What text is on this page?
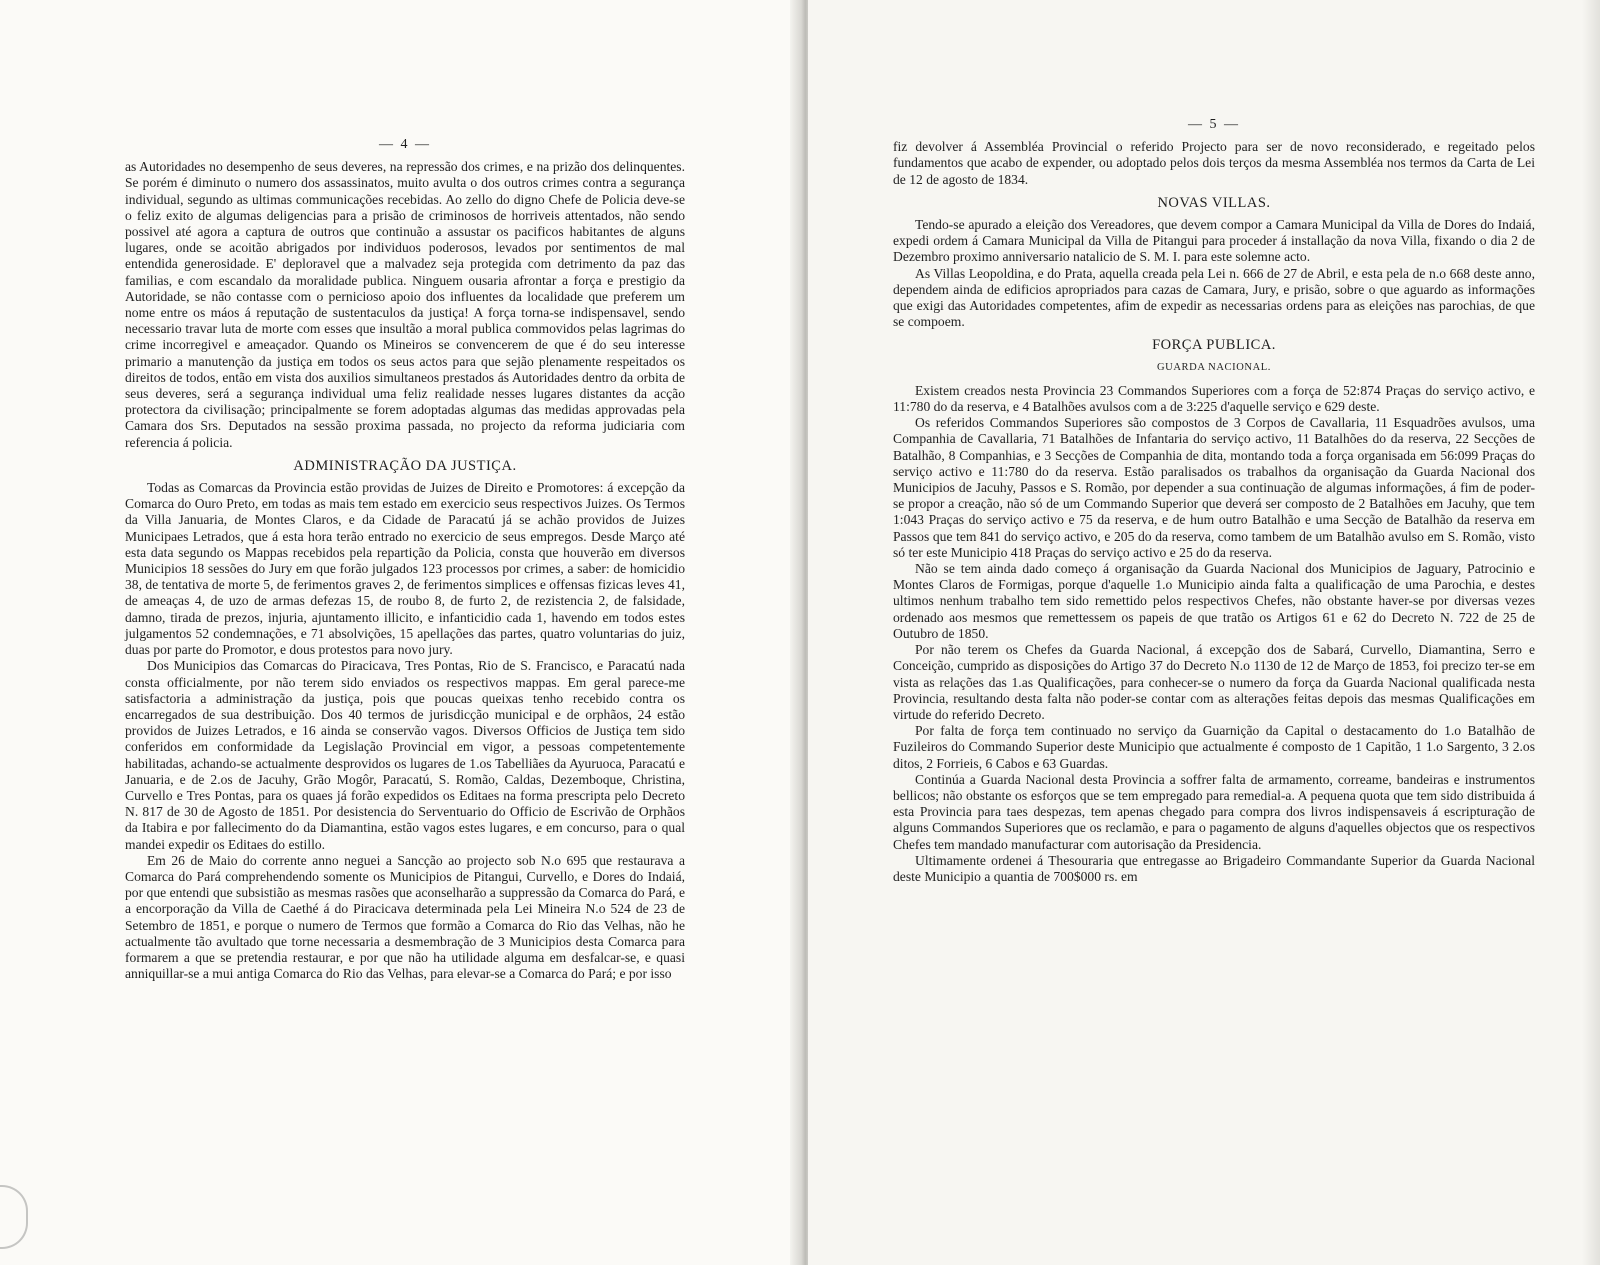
— 4 —

as Autoridades no desempenho de seus deveres, na repressão dos crimes, e na prizão dos delinquentes. Se porém é diminuto o numero dos assassinatos, muito avulta o dos outros crimes contra a segurança individual, segundo as ultimas communicações recebidas. Ao zello do digno Chefe de Policia deve-se o feliz exito de algumas deligencias para a prisão de criminosos de horriveis attentados, não sendo possivel até agora a captura de outros que continuão a assustar os pacificos habitantes de alguns lugares, onde se acoitão abrigados por individuos poderosos, levados por sentimentos de mal entendida generosidade. E' deploravel que a malvadez seja protegida com detrimento da paz das familias, e com escandalo da moralidade publica. Ninguem ousaria afrontar a força e prestigio da Autoridade, se não contasse com o pernicioso apoio dos influentes da localidade que preferem um nome entre os máos á reputação de sustentaculos da justiça! A força torna-se indispensavel, sendo necessario travar luta de morte com esses que insultão a moral publica commovidos pelas lagrimas do crime incorregivel e ameaçador. Quando os Mineiros se convencerem de que é do seu interesse primario a manutenção da justiça em todos os seus actos para que sejão plenamente respeitados os direitos de todos, então em vista dos auxilios simultaneos prestados ás Autoridades dentro da orbita de seus deveres, será a segurança individual uma feliz realidade nesses lugares distantes da acção protectora da civilisação; principalmente se forem adoptadas algumas das medidas approvadas pela Camara dos Srs. Deputados na sessão proxima passada, no projecto da reforma judiciaria com referencia á policia.

ADMINISTRAÇÃO DA JUSTIÇA.

Todas as Comarcas da Provincia estão providas de Juizes de Direito e Promotores: á excepção da Comarca do Ouro Preto, em todas as mais tem estado em exercicio seus respectivos Juizes. Os Termos da Villa Januaria, de Montes Claros, e da Cidade de Paracatú já se achão providos de Juizes Municipaes Letrados, que á esta hora terão entrado no exercicio de seus empregos. Desde Março até esta data segundo os Mappas recebidos pela repartição da Policia, consta que houverão em diversos Municipios 18 sessões do Jury em que forão julgados 123 processos por crimes, a saber: de homicidio 38, de tentativa de morte 5, de ferimentos graves 2, de ferimentos simplices e offensas fizicas leves 41, de ameaças 4, de uzo de armas defezas 15, de roubo 8, de furto 2, de rezistencia 2, de falsidade, damno, tirada de prezos, injuria, ajuntamento illicito, e infanticidio cada 1, havendo em todos estes julgamentos 52 condemnações, e 71 absolvições, 15 apellações das partes, quatro voluntarias do juiz, duas por parte do Promotor, e dous protestos para novo jury.

Dos Municipios das Comarcas do Piracicava, Tres Pontas, Rio de S. Francisco, e Paracatú nada consta officialmente, por não terem sido enviados os respectivos mappas. Em geral parece-me satisfactoria a administração da justiça, pois que poucas queixas tenho recebido contra os encarregados de sua destribuição. Dos 40 termos de jurisdicção municipal e de orphãos, 24 estão providos de Juizes Letrados, e 16 ainda se conservão vagos. Diversos Officios de Justiça tem sido conferidos em conformidade da Legislação Provincial em vigor, a pessoas competentemente habilitadas, achando-se actualmente desprovidos os lugares de 1.os Tabelliães da Ayuruoca, Paracatú e Januaria, e de 2.os de Jacuhy, Grão Mogôr, Paracatú, S. Romão, Caldas, Dezemboque, Christina, Curvello e Tres Pontas, para os quaes já forão expedidos os Editaes na forma prescripta pelo Decreto N. 817 de 30 de Agosto de 1851. Por desistencia do Serventuario do Officio de Escrivão de Orphãos da Itabira e por fallecimento do da Diamantina, estão vagos estes lugares, e em concurso, para o qual mandei expedir os Editaes do estillo.

Em 26 de Maio do corrente anno neguei a Sancção ao projecto sob N.o 695 que restaurava a Comarca do Pará comprehendendo somente os Municipios de Pitangui, Curvello, e Dores do Indaiá, por que entendi que subsistião as mesmas rasões que aconselharão a suppressão da Comarca do Pará, e a encorporação da Villa de Caethé á do Piracicava determinada pela Lei Mineira N.o 524 de 23 de Setembro de 1851, e porque o numero de Termos que formão a Comarca do Rio das Velhas, não he actualmente tão avultado que torne necessaria a desmembração de 3 Municipios desta Comarca para formarem a que se pretendia restaurar, e por que não ha utilidade alguma em desfalcar-se, e quasi anniquillar-se a mui antiga Comarca do Rio das Velhas, para elevar-se a Comarca do Pará; e por isso

— 5 —

fiz devolver á Assembléa Provincial o referido Projecto para ser de novo reconsiderado, e regeitado pelos fundamentos que acabo de expender, ou adoptado pelos dois terços da mesma Assembléa nos termos da Carta de Lei de 12 de agosto de 1834.

NOVAS VILLAS.

Tendo-se apurado a eleição dos Vereadores, que devem compor a Camara Municipal da Villa de Dores do Indaiá, expedi ordem á Camara Municipal da Villa de Pitangui para proceder á installação da nova Villa, fixando o dia 2 de Dezembro proximo anniversario natalicio de S. M. I. para este solemne acto.

As Villas Leopoldina, e do Prata, aquella creada pela Lei n. 666 de 27 de Abril, e esta pela de n.o 668 deste anno, dependem ainda de edificios apropriados para cazas de Camara, Jury, e prisão, sobre o que aguardo as informações que exigi das Autoridades competentes, afim de expedir as necessarias ordens para as eleições nas parochias, de que se compoem.

FORÇA PUBLICA.
GUARDA NACIONAL.

Existem creados nesta Provincia 23 Commandos Superiores com a força de 52:874 Praças do serviço activo, e 11:780 do da reserva, e 4 Batalhões avulsos com a de 3:225 d'aquelle serviço e 629 deste.

Os referidos Commandos Superiores são compostos de 3 Corpos de Cavallaria, 11 Esquadrões avulsos, uma Companhia de Cavallaria, 71 Batalhões de Infantaria do serviço activo, 11 Batalhões do da reserva, 22 Secções de Batalhão, 8 Companhias, e 3 Secções de Companhia de dita, montando toda a força organisada em 56:099 Praças do serviço activo e 11:780 do da reserva. Estão paralisados os trabalhos da organisação da Guarda Nacional dos Municipios de Jacuhy, Passos e S. Romão, por depender a sua continuação de algumas informações, á fim de poder-se propor a creação, não só de um Commando Superior que deverá ser composto de 2 Batalhões em Jacuhy, que tem 1:043 Praças do serviço activo e 75 da reserva, e de hum outro Batalhão e uma Secção de Batalhão da reserva em Passos que tem 841 do serviço activo, e 205 do da reserva, como tambem de um Batalhão avulso em S. Romão, visto só ter este Municipio 418 Praças do serviço activo e 25 do da reserva.

Não se tem ainda dado começo á organisação da Guarda Nacional dos Municipios de Jaguary, Patrocinio e Montes Claros de Formigas, porque d'aquelle 1.o Municipio ainda falta a qualificação de uma Parochia, e destes ultimos nenhum trabalho tem sido remettido pelos respectivos Chefes, não obstante haver-se por diversas vezes ordenado aos mesmos que remettessem os papeis de que tratão os Artigos 61 e 62 do Decreto N. 722 de 25 de Outubro de 1850.

Por não terem os Chefes da Guarda Nacional, á excepção dos de Sabará, Curvello, Diamantina, Serro e Conceição, cumprido as disposições do Artigo 37 do Decreto N.o 1130 de 12 de Março de 1853, foi precizo ter-se em vista as relações das 1.as Qualificações, para conhecer-se o numero da força da Guarda Nacional qualificada nesta Provincia, resultando desta falta não poder-se contar com as alterações feitas depois das mesmas Qualificações em virtude do referido Decreto.

Por falta de força tem continuado no serviço da Guarnição da Capital o destacamento do 1.o Batalhão de Fuzileiros do Commando Superior deste Municipio que actualmente é composto de 1 Capitão, 1 1.o Sargento, 3 2.os ditos, 2 Forrieis, 6 Cabos e 63 Guardas.

Continúa a Guarda Nacional desta Provincia a soffrer falta de armamento, correame, bandeiras e instrumentos bellicos; não obstante os esforços que se tem empregado para remedial-a. A pequena quota que tem sido distribuida á esta Provincia para taes despezas, tem apenas chegado para compra dos livros indispensaveis á escripturação de alguns Commandos Superiores que os reclamão, e para o pagamento de alguns d'aquelles objectos que os respectivos Chefes tem mandado manufacturar com autorisação da Presidencia.

Ultimamente ordenei á Thesouraria que entregasse ao Brigadeiro Commandante Superior da Guarda Nacional deste Municipio a quantia de 700$000 rs. em
